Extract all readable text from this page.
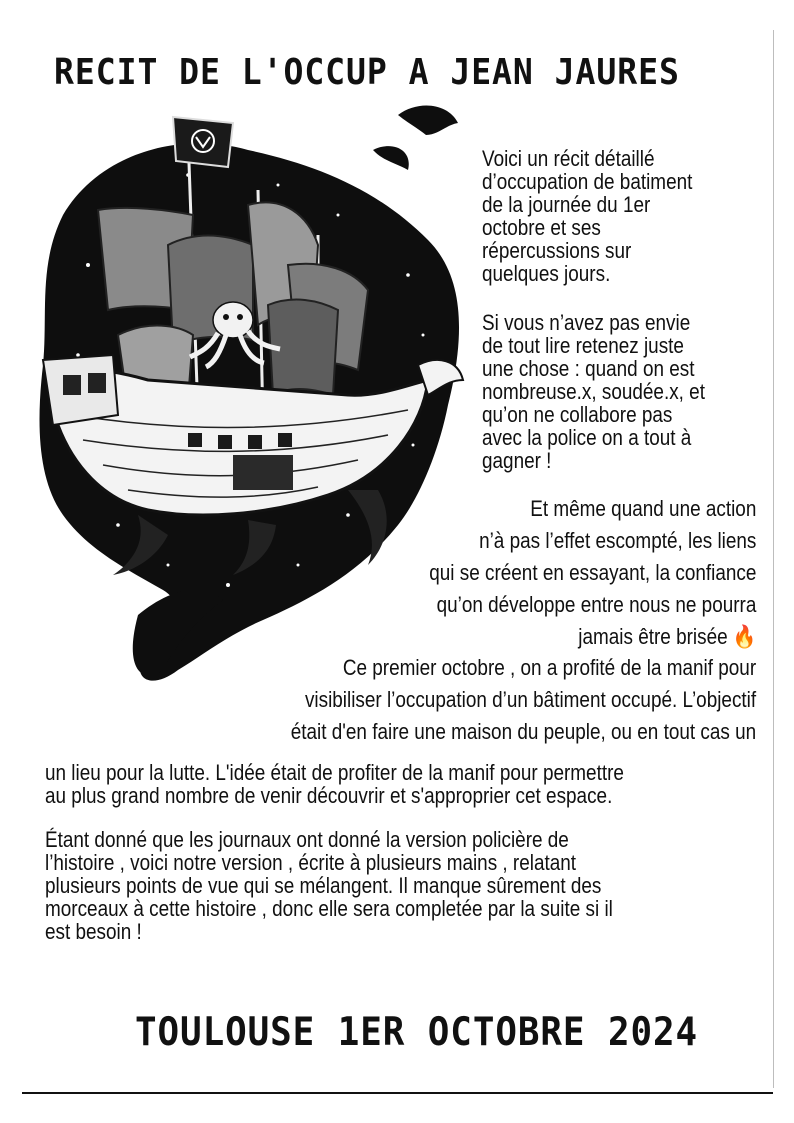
RECIT DE L'OCCUP A JEAN JAURES
Voici un récit détaillé
d’occupation de batiment
de la journée du 1er
octobre et ses
répercussions sur
quelques jours.
Si vous n’avez pas envie
de tout lire retenez juste
une chose : quand on est
nombreuse.x, soudée.x, et
qu’on ne collabore pas
avec la police on a tout à
gagner !
Et même quand une action
n’à pas l’effet escompté, les liens
qui se créent en essayant, la confiance
qu’on développe entre nous ne pourra
jamais être brisée 🔥
Ce premier octobre , on a profité de la manif pour
visibiliser l’occupation d’un bâtiment occupé. L’objectif
était d'en faire une maison du peuple, ou en tout cas un
un lieu pour la lutte. L'idée était de profiter de la manif pour permettre
au plus grand nombre de venir découvrir et s'approprier cet espace.
Étant donné que les journaux ont donné la version policière de
l’histoire , voici notre version , écrite à plusieurs mains , relatant
plusieurs points de vue qui se mélangent. Il manque sûrement des
morceaux à cette histoire , donc elle sera completée par la suite si il
est besoin !
TOULOUSE 1ER OCTOBRE 2024
